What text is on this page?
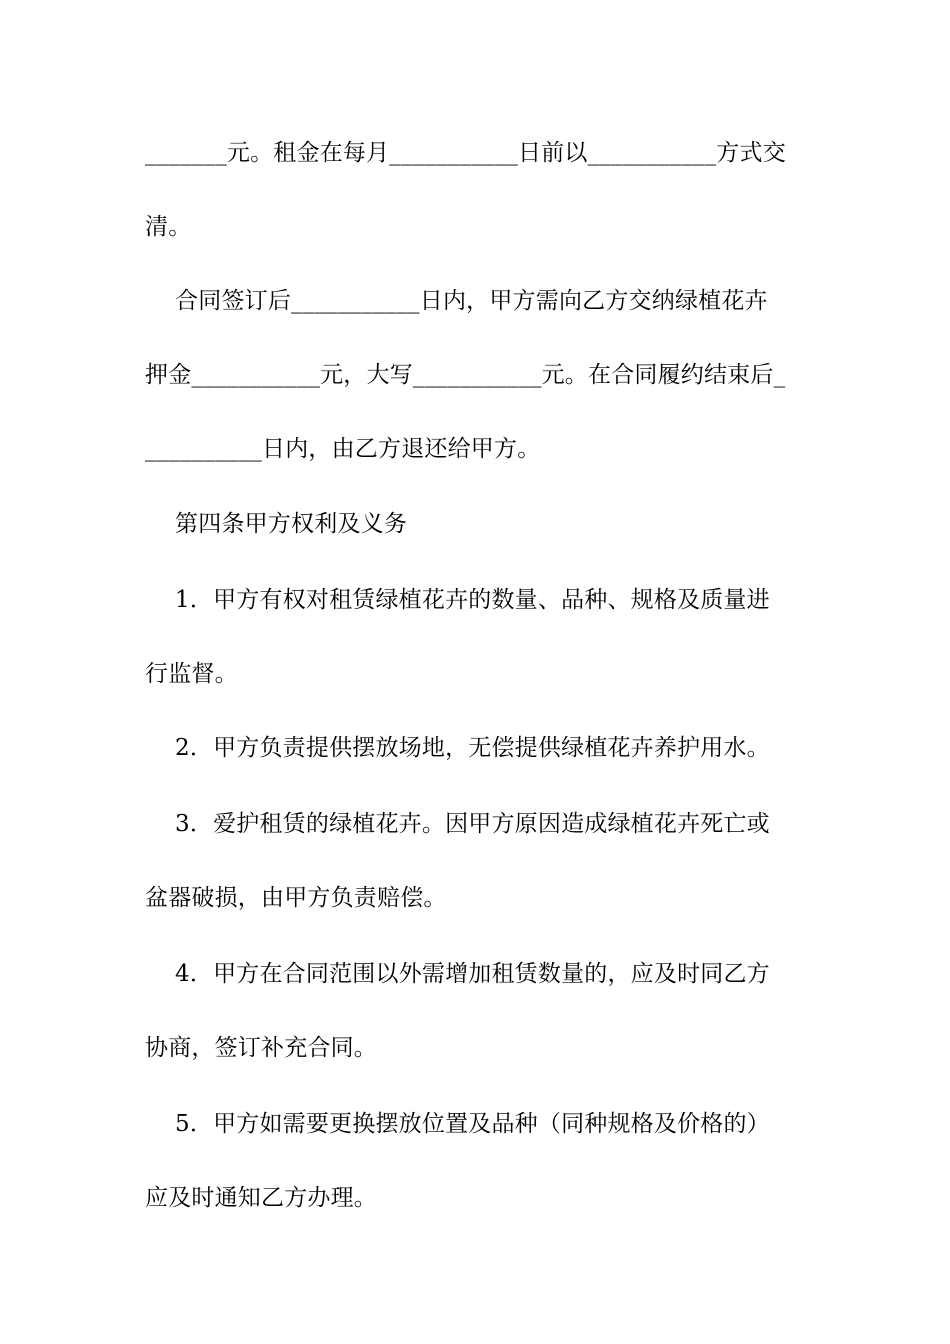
_______元。租金在每月___________日前以___________方式交
清。
合同签订后___________日内，甲方需向乙方交纳绿植花卉
押金___________元，大写___________元。在合同履约结束后_
__________日内，由乙方退还给甲方。
第四条甲方权利及义务
1．甲方有权对租赁绿植花卉的数量、品种、规格及质量进
行监督。
2．甲方负责提供摆放场地，无偿提供绿植花卉养护用水。
3．爱护租赁的绿植花卉。因甲方原因造成绿植花卉死亡或
盆器破损，由甲方负责赔偿。
4．甲方在合同范围以外需增加租赁数量的，应及时同乙方
协商，签订补充合同。
5．甲方如需要更换摆放位置及品种（同种规格及价格的）
应及时通知乙方办理。
